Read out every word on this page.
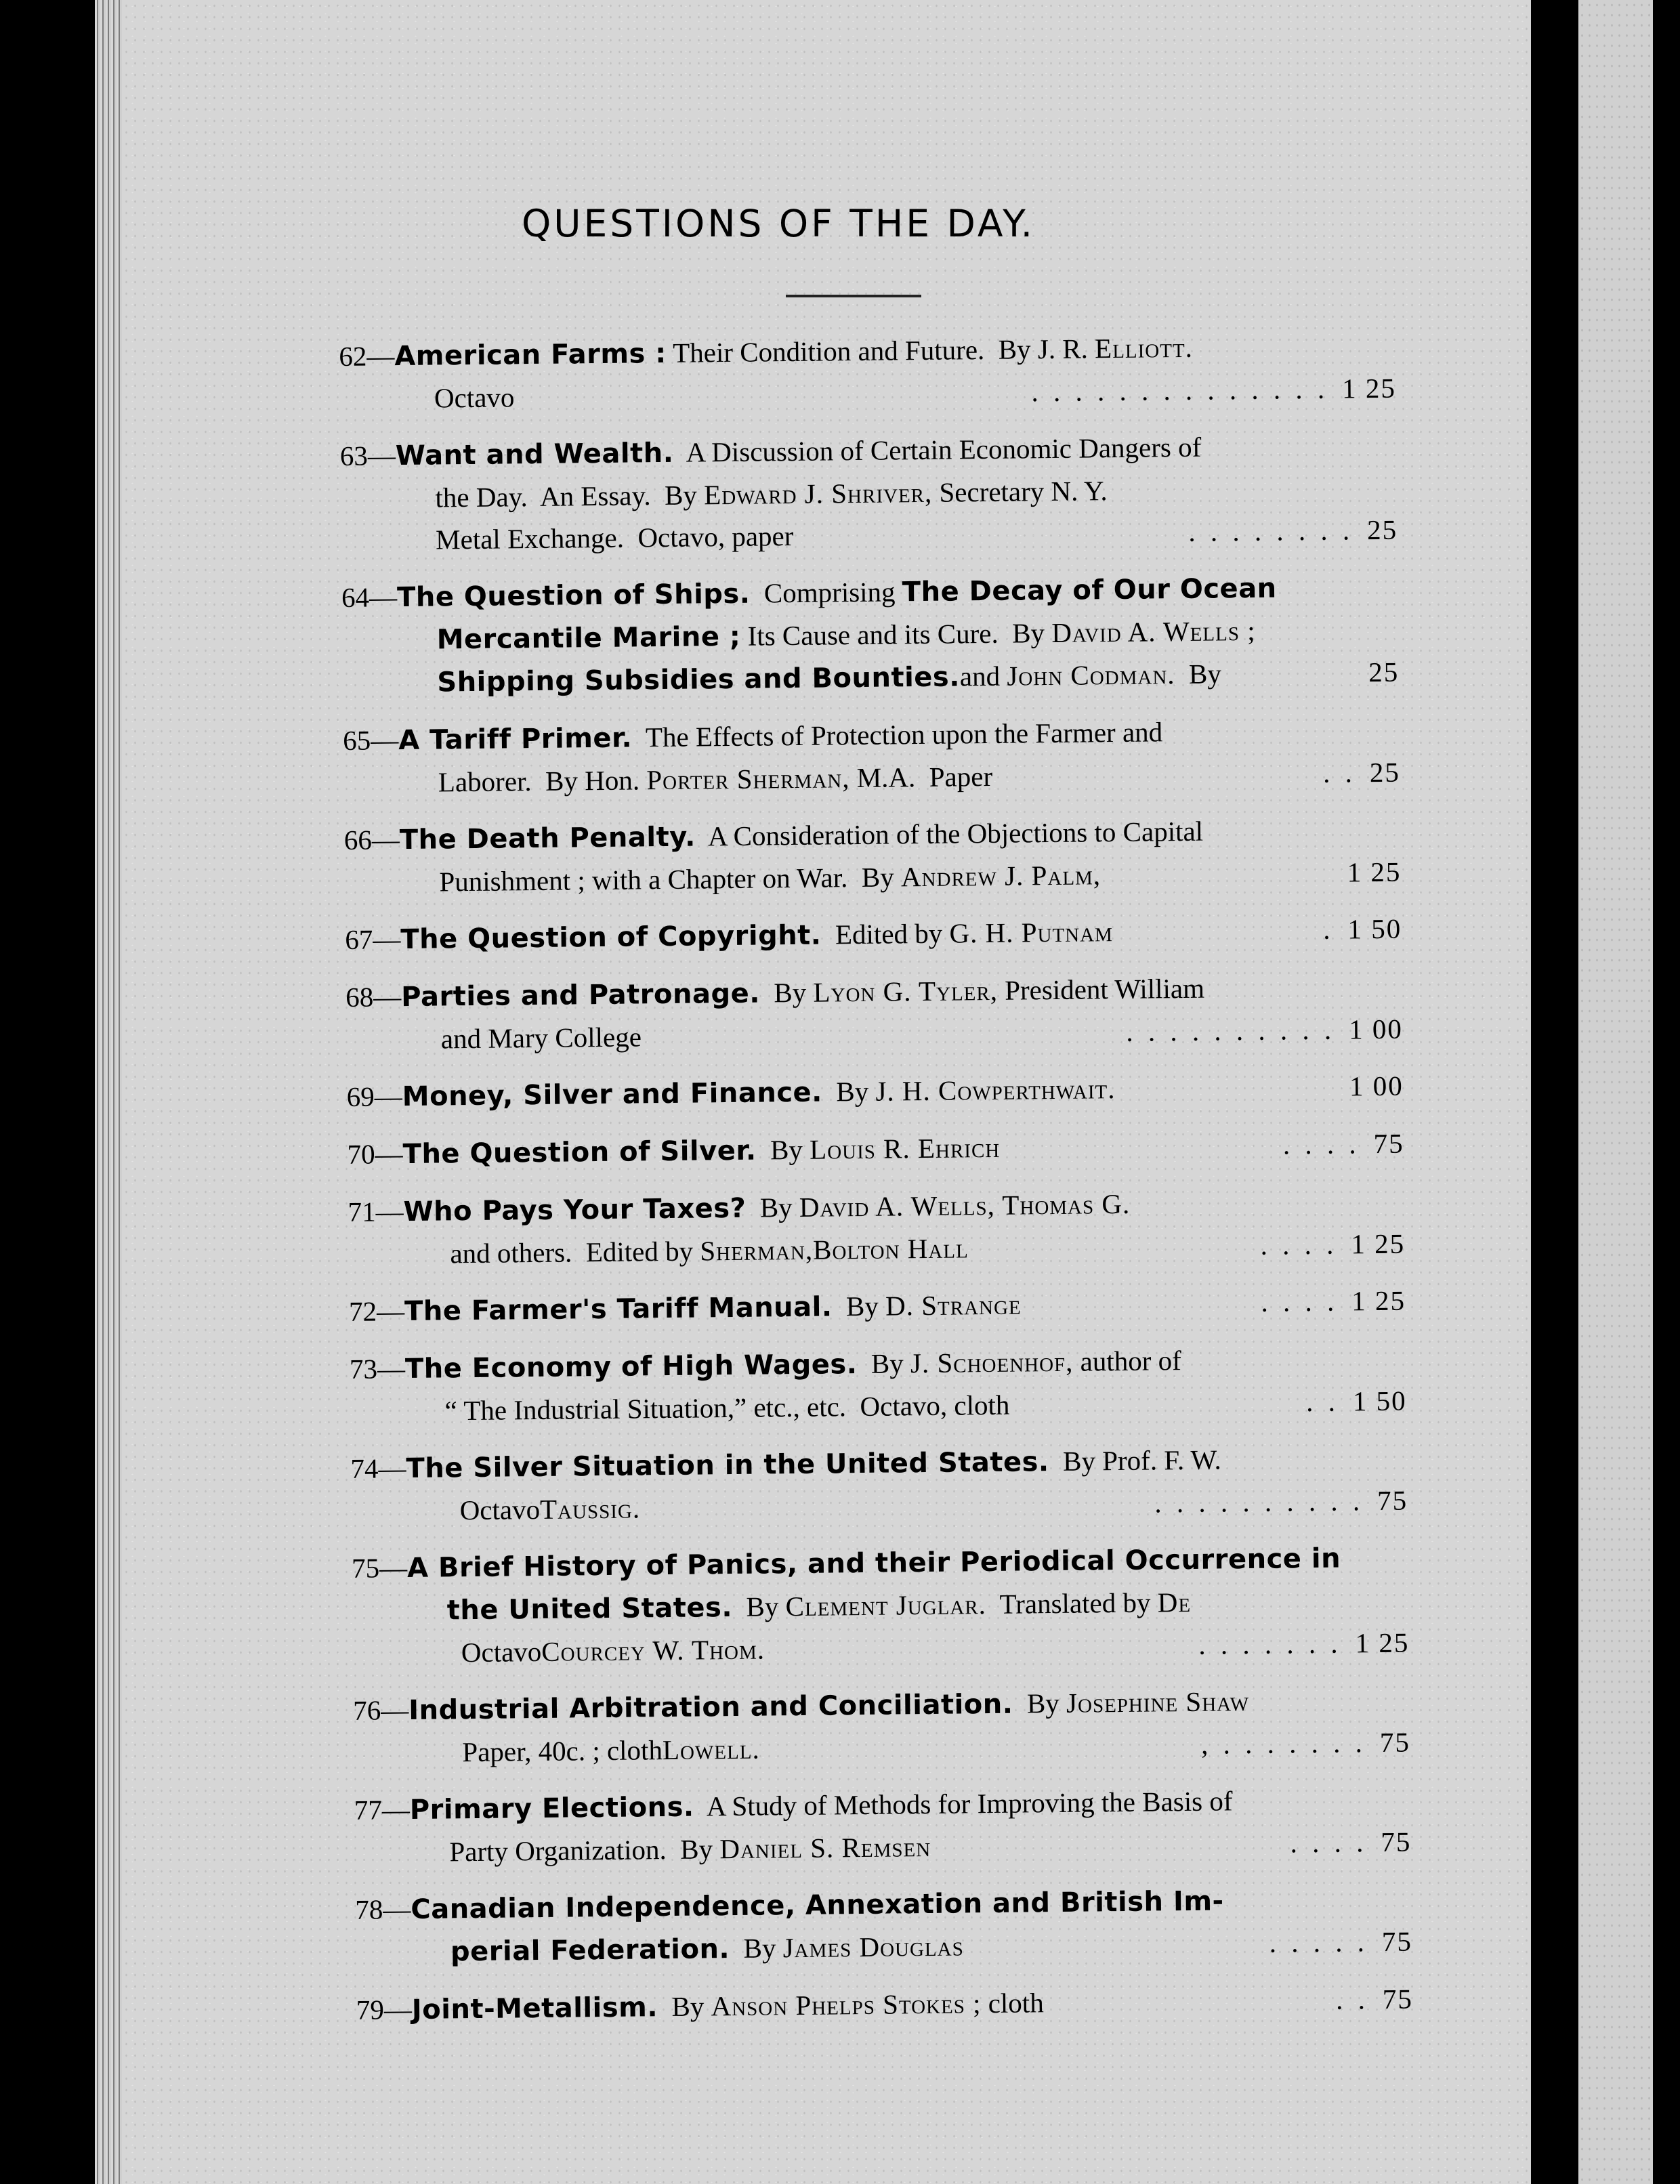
QUESTIONS OF THE DAY.
62— American Farms : Their Condition and Future.  By J. R. Elliott.
Octavo	. . . . . . . . . . . . . . 1 25
63— Want and Wealth. A Discussion of Certain Economic Dangers of
the Day.  An Essay.  By Edward J. Shriver, Secretary N. Y.
Metal Exchange.  Octavo, paper	. . . . . . . . 25
64— The Question of Ships. Comprising The Decay of Our Ocean
Mercantile Marine ; Its Cause and its Cure.  By David A. Wells ;
Shipping Subsidies and Bounties. and John Codman. By	25
65— A Tariff Primer. The Effects of Protection upon the Farmer and
Laborer.  By Hon. Porter Sherman, M.A.  Paper	. . 25
66— The Death Penalty. A Consideration of the Objections to Capital
Punishment ; with a Chapter on War.  By Andrew J. Palm,	1 25
67— The Question of Copyright. Edited by G. H. Putnam	. 1 50
68— Parties and Patronage. By Lyon G. Tyler, President William
and Mary College	. . . . . . . . . . 1 00
69— Money, Silver and Finance. By J. H. Cowperthwait.	1 00
70— The Question of Silver. By Louis R. Ehrich	. . . . 75
71— Who Pays Your Taxes? By David A. Wells, Thomas G.
and others.  Edited by Sherman, Bolton Hall	. . . . 1 25
72— The Farmer's Tariff Manual. By D. Strange	. . . . 1 25
73— The Economy of High Wages. By J. Schoenhof, author of
“ The Industrial Situation,” etc., etc.  Octavo, cloth	. . 1 50
74— The Silver Situation in the United States. By Prof. F. W.
Octavo Taussig.	. . . . . . . . . . 75
75— A Brief History of Panics, and their Periodical Occurrence in
the United States. By Clement Juglar. Translated by De
Octavo Courcey W. Thom.	. . . . . . . 1 25
76— Industrial Arbitration and Conciliation. By Josephine Shaw
Paper, 40c. ; cloth Lowell.	, . . . . . . . 75
77— Primary Elections. A Study of Methods for Improving the Basis of
Party Organization.  By Daniel S. Remsen	. . . . 75
78— Canadian Independence, Annexation and British Im-
perial Federation. By James Douglas	. . . . . 75
79— Joint-Metallism. By Anson Phelps Stokes ; cloth	. . 75
